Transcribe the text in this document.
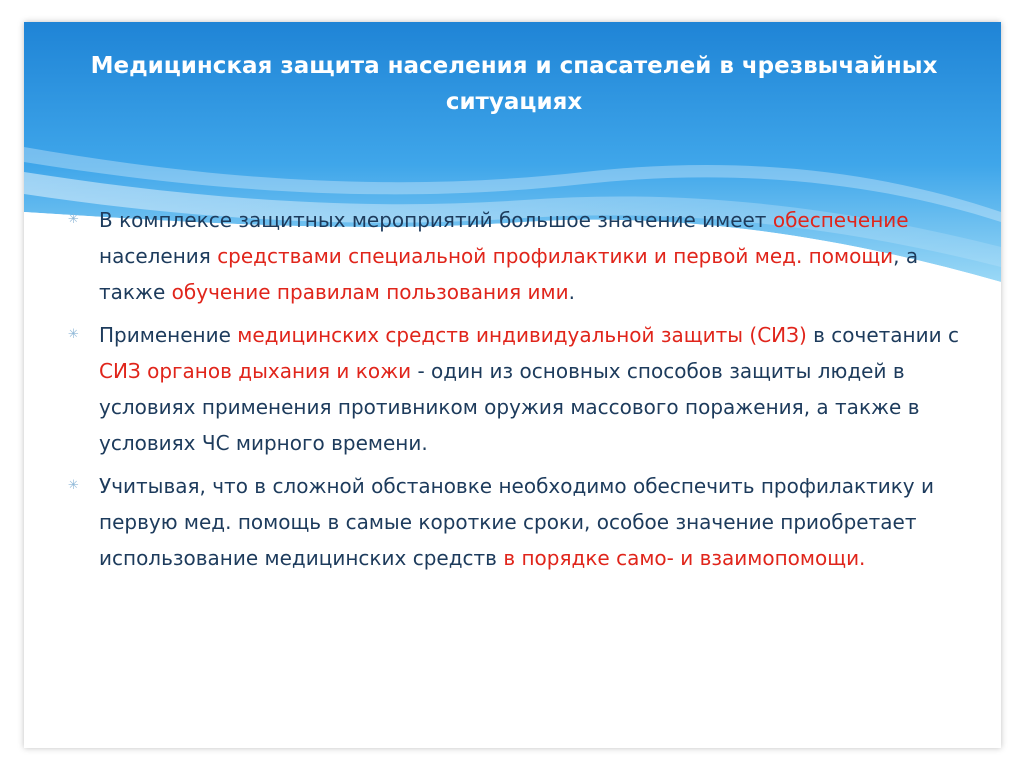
Медицинская защита населения и спасателей в чрезвычайных ситуациях
✳ В комплексе защитных мероприятий большое значение имеет обеспечение населения средствами специальной профилактики и первой мед. помощи, а также обучение правилам пользования ими.
✳ Применение медицинских средств индивидуальной защиты (СИЗ) в сочетании с СИЗ органов дыхания и кожи - один из основных способов защиты людей в условиях применения противником оружия массового поражения, а также в условиях ЧС мирного времени.
✳ Учитывая, что в сложной обстановке необходимо обеспечить профилактику и первую мед. помощь в самые короткие сроки, особое значение приобретает использование медицинских средств в порядке само- и взаимопомощи.
